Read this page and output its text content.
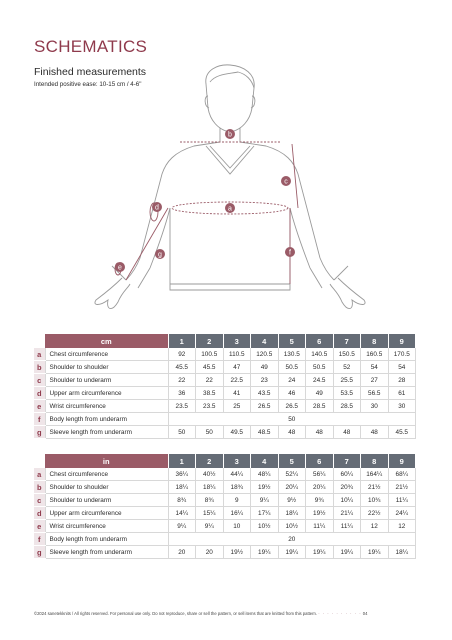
SCHEMATICS
Finished measurements
Intended positive ease: 10-15 cm / 4-6"
b
c
d	a
g	f
e
	cm	1	2	3	4	5	6	7	8	9
a	Chest circumference	92	100.5	110.5	120.5	130.5	140.5	150.5	160.5	170.5
b	Shoulder to shoulder	45.5	45.5	47	49	50.5	50.5	52	54	54
c	Shoulder to underarm	22	22	22.5	23	24	24.5	25.5	27	28
d	Upper arm circumference	36	38.5	41	43.5	46	49	53.5	56.5	61
e	Wrist circumference	23.5	23.5	25	26.5	26.5	28.5	28.5	30	30
f	Body length from underarm	50								
g	Sleeve length from underarm	50	50	49.5	48.5	48	48	48	48	45.5
	in	1	2	3	4	5	6	7	8	9
a	Chest circumference	36¼	40½	44¼	48¼	52¼	56¼	60¼	164¼	68¼
b	Shoulder to shoulder	18¼	18¼	18¾	19½	20¼	20¼	20¾	21½	21½
c	Shoulder to underarm	8¾	8¾	9	9¼	9½	9¾	10¼	10¾	11¼
d	Upper arm circumference	14¼	15¼	16¼	17¼	18¼	19½	21¼	22½	24¼
e	Wrist circumference	9¼	9¼	10	10½	10½	11¼	11¼	12	12
f	Body length from underarm	20								
g	Sleeve length from underarm	20	20	19½	19¼	19¼	19¼	19¼	19¼	18¼
©2024 sanetekknits / All rights reserved. For personal use only. Do not reproduce, share or sell the pattern, or sell items that are knitted from this pattern. · · · · · · · · · · 04
